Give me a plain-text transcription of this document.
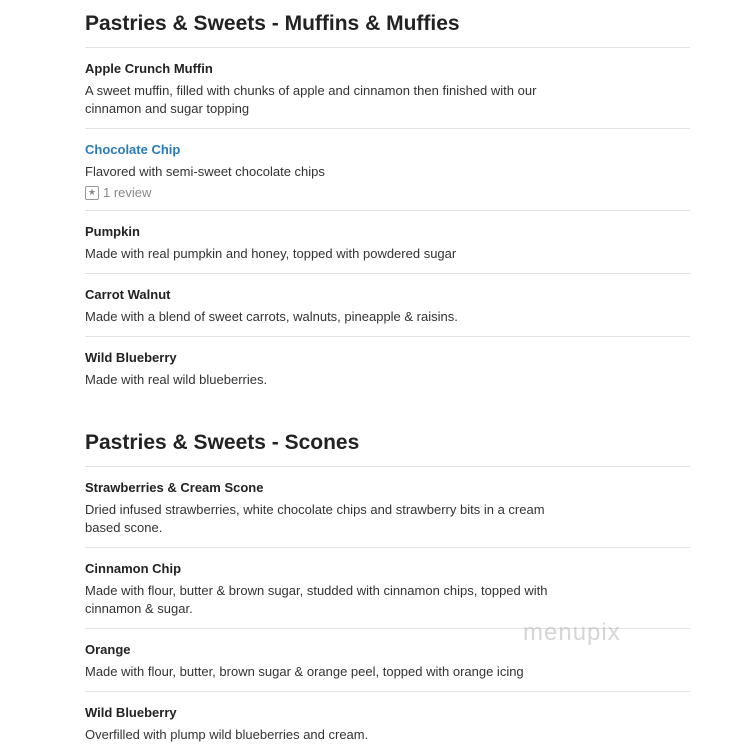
Pastries & Sweets - Muffins & Muffies

Apple Crunch Muffin

A sweet muffin, filled with chunks of apple and cinnamon then finished with our cinnamon and sugar topping

Chocolate Chip

Flavored with semi-sweet chocolate chips

★ 1 review

Pumpkin

Made with real pumpkin and honey, topped with powdered sugar

Carrot Walnut

Made with a blend of sweet carrots, walnuts, pineapple & raisins.

Wild Blueberry

Made with real wild blueberries.

Pastries & Sweets - Scones

Strawberries & Cream Scone

Dried infused strawberries, white chocolate chips and strawberry bits in a cream based scone.

Cinnamon Chip

Made with flour, butter & brown sugar, studded with cinnamon chips, topped with cinnamon & sugar.

Orange

Made with flour, butter, brown sugar & orange peel, topped with orange icing

Wild Blueberry

Overfilled with plump wild blueberries and cream.

menupix
